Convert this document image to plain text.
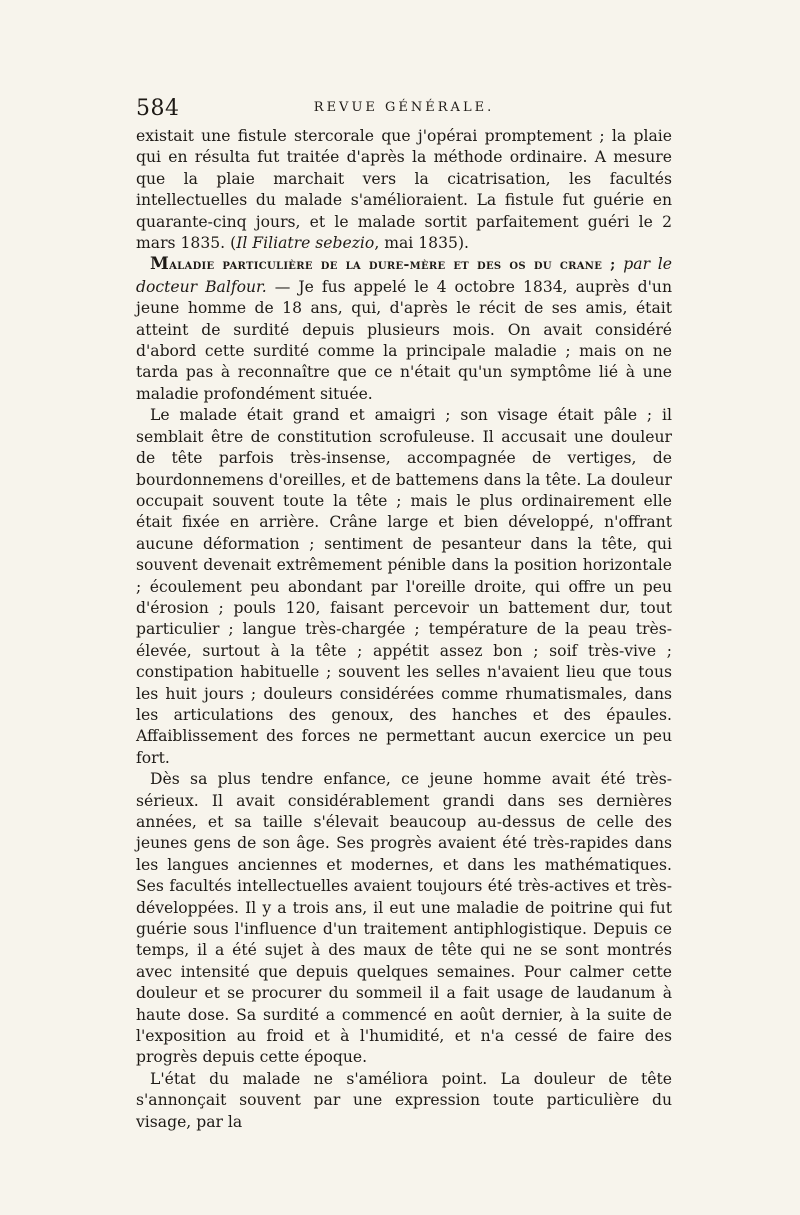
584	REVUE GÉNÉRALE.

existait une fistule stercorale que j'opérai promptement ; la plaie qui en résulta fut traitée d'après la méthode ordinaire. A mesure que la plaie marchait vers la cicatrisation, les facultés intellectuelles du malade s'amélioraient. La fistule fut guérie en quarante-cinq jours, et le malade sortit parfaitement guéri le 2 mars 1835. (Il Filiatre sebezio, mai 1835).

Maladie particulière de la dure-mère et des os du crane ; par le docteur Balfour. — Je fus appelé le 4 octobre 1834, auprès d'un jeune homme de 18 ans, qui, d'après le récit de ses amis, était atteint de surdité depuis plusieurs mois. On avait considéré d'abord cette surdité comme la principale maladie ; mais on ne tarda pas à reconnaître que ce n'était qu'un symptôme lié à une maladie profondément située.

Le malade était grand et amaigri ; son visage était pâle ; il semblait être de constitution scrofuleuse. Il accusait une douleur de tête parfois très-insense, accompagnée de vertiges, de bourdonnemens d'oreilles, et de battemens dans la tête. La douleur occupait souvent toute la tête ; mais le plus ordinairement elle était fixée en arrière. Crâne large et bien développé, n'offrant aucune déformation ; sentiment de pesanteur dans la tête, qui souvent devenait extrêmement pénible dans la position horizontale ; écoulement peu abondant par l'oreille droite, qui offre un peu d'érosion ; pouls 120, faisant percevoir un battement dur, tout particulier ; langue très-chargée ; température de la peau très-élevée, surtout à la tête ; appétit assez bon ; soif très-vive ; constipation habituelle ; souvent les selles n'avaient lieu que tous les huit jours ; douleurs considérées comme rhumatismales, dans les articulations des genoux, des hanches et des épaules. Affaiblissement des forces ne permettant aucun exercice un peu fort.

Dès sa plus tendre enfance, ce jeune homme avait été très-sérieux. Il avait considérablement grandi dans ses dernières années, et sa taille s'élevait beaucoup au-dessus de celle des jeunes gens de son âge. Ses progrès avaient été très-rapides dans les langues anciennes et modernes, et dans les mathématiques. Ses facultés intellectuelles avaient toujours été très-actives et très-développées. Il y a trois ans, il eut une maladie de poitrine qui fut guérie sous l'influence d'un traitement antiphlogistique. Depuis ce temps, il a été sujet à des maux de tête qui ne se sont montrés avec intensité que depuis quelques semaines. Pour calmer cette douleur et se procurer du sommeil il a fait usage de laudanum à haute dose. Sa surdité a commencé en août dernier, à la suite de l'exposition au froid et à l'humidité, et n'a cessé de faire des progrès depuis cette époque.

L'état du malade ne s'améliora point. La douleur de tête s'annonçait souvent par une expression toute particulière du visage, par la
